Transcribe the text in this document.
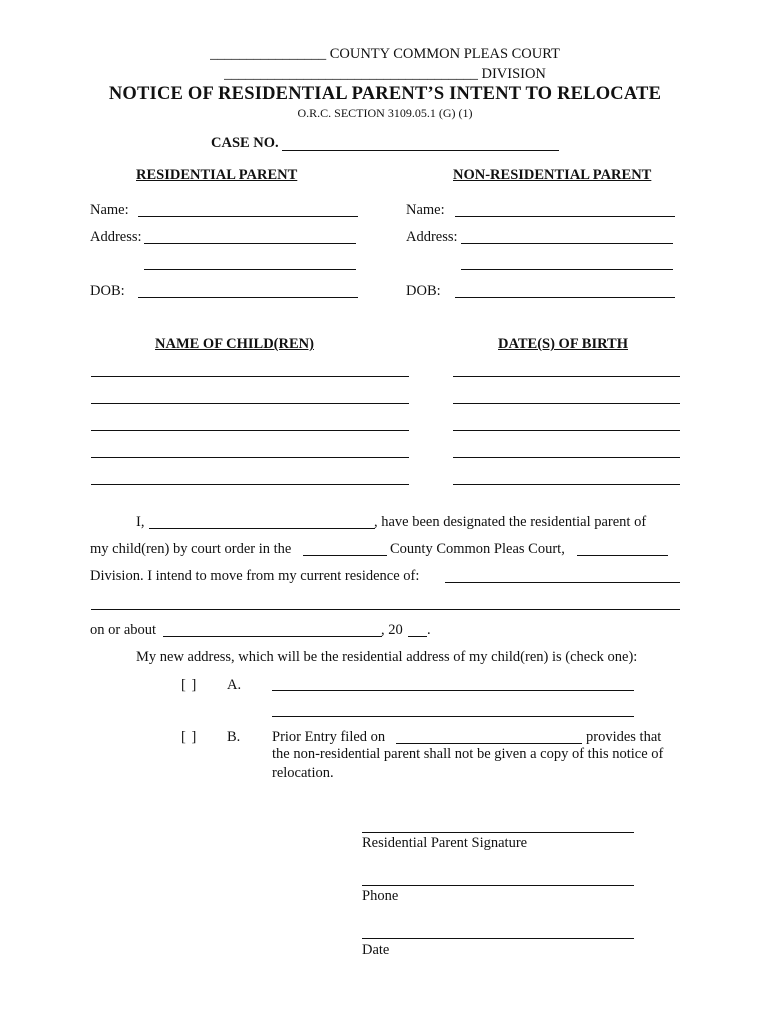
________________ COUNTY COMMON PLEAS COURT
___________________________________ DIVISION
NOTICE OF RESIDENTIAL PARENT’S INTENT TO RELOCATE
O.R.C. SECTION 3109.05.1 (G) (1)
CASE NO.
RESIDENTIAL PARENT	NON-RESIDENTIAL PARENT
Name:	Name:
Address:	Address:
DOB:	DOB:
NAME OF CHILD(REN)	DATE(S) OF BIRTH
I,	, have been designated the residential parent of
my child(ren) by court order in the	County Common Pleas Court,
Division. I intend to move from my current residence of:
on or about	, 20 .
My new address, which will be the residential address of my child(ren) is (check one):
[ ] A.
[ ] B. Prior Entry filed on	provides that
the non-residential parent shall not be given a copy of this notice of
relocation.
Residential Parent Signature
Phone
Date
